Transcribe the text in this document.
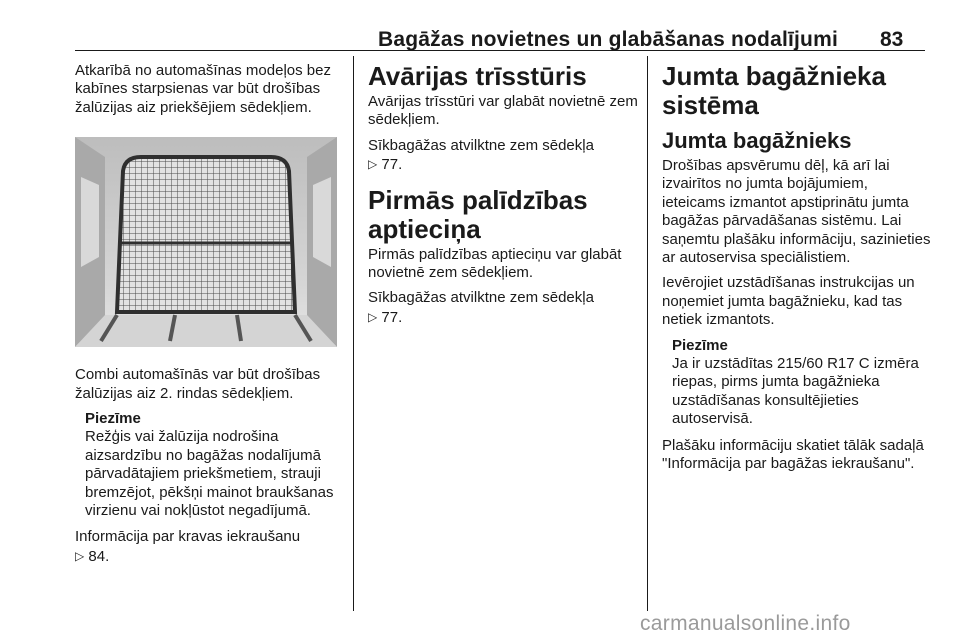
Bagāžas novietnes un glabāšanas nodalījumi 83

Atkarībā no automašīnas modeļos bez kabīnes starpsienas var būt drošības žalūzijas aiz priekšējiem sēdekļiem.

Combi automašīnās var būt drošības žalūzijas aiz 2. rindas sēdekļiem.

Piezīme

Režģis vai žalūzija nodrošina aizsardzību no bagāžas nodalījumā pārvadātajiem priekšmetiem, strauji bremzējot, pēkšņi mainot braukšanas virzienu vai nokļūstot negadījumā.

Informācija par kravas iekraušanu
▷ 84.

Avārijas trīsstūris

Avārijas trīsstūri var glabāt novietnē zem sēdekļiem.

Sīkbagāžas atvilktne zem sēdekļa
▷ 77.

Pirmās palīdzības aptieciņa

Pirmās palīdzības aptieciņu var glabāt novietnē zem sēdekļiem.

Sīkbagāžas atvilktne zem sēdekļa
▷ 77.

Jumta bagāžnieka sistēma
Jumta bagāžnieks

Drošības apsvērumu dēļ, kā arī lai izvairītos no jumta bojājumiem, ieteicams izmantot apstiprinātu jumta bagāžas pārvadāšanas sistēmu. Lai saņemtu plašāku informāciju, sazinieties ar autoservisa speciālistiem.

Ievērojiet uzstādīšanas instrukcijas un noņemiet jumta bagāžnieku, kad tas netiek izmantots.

Piezīme

Ja ir uzstādītas 215/60 R17 C izmēra riepas, pirms jumta bagāžnieka uzstādīšanas konsultējieties autoservisā.

Plašāku informāciju skatiet tālāk sadaļā "Informācija par bagāžas iekraušanu".

carmanualsonline.info
